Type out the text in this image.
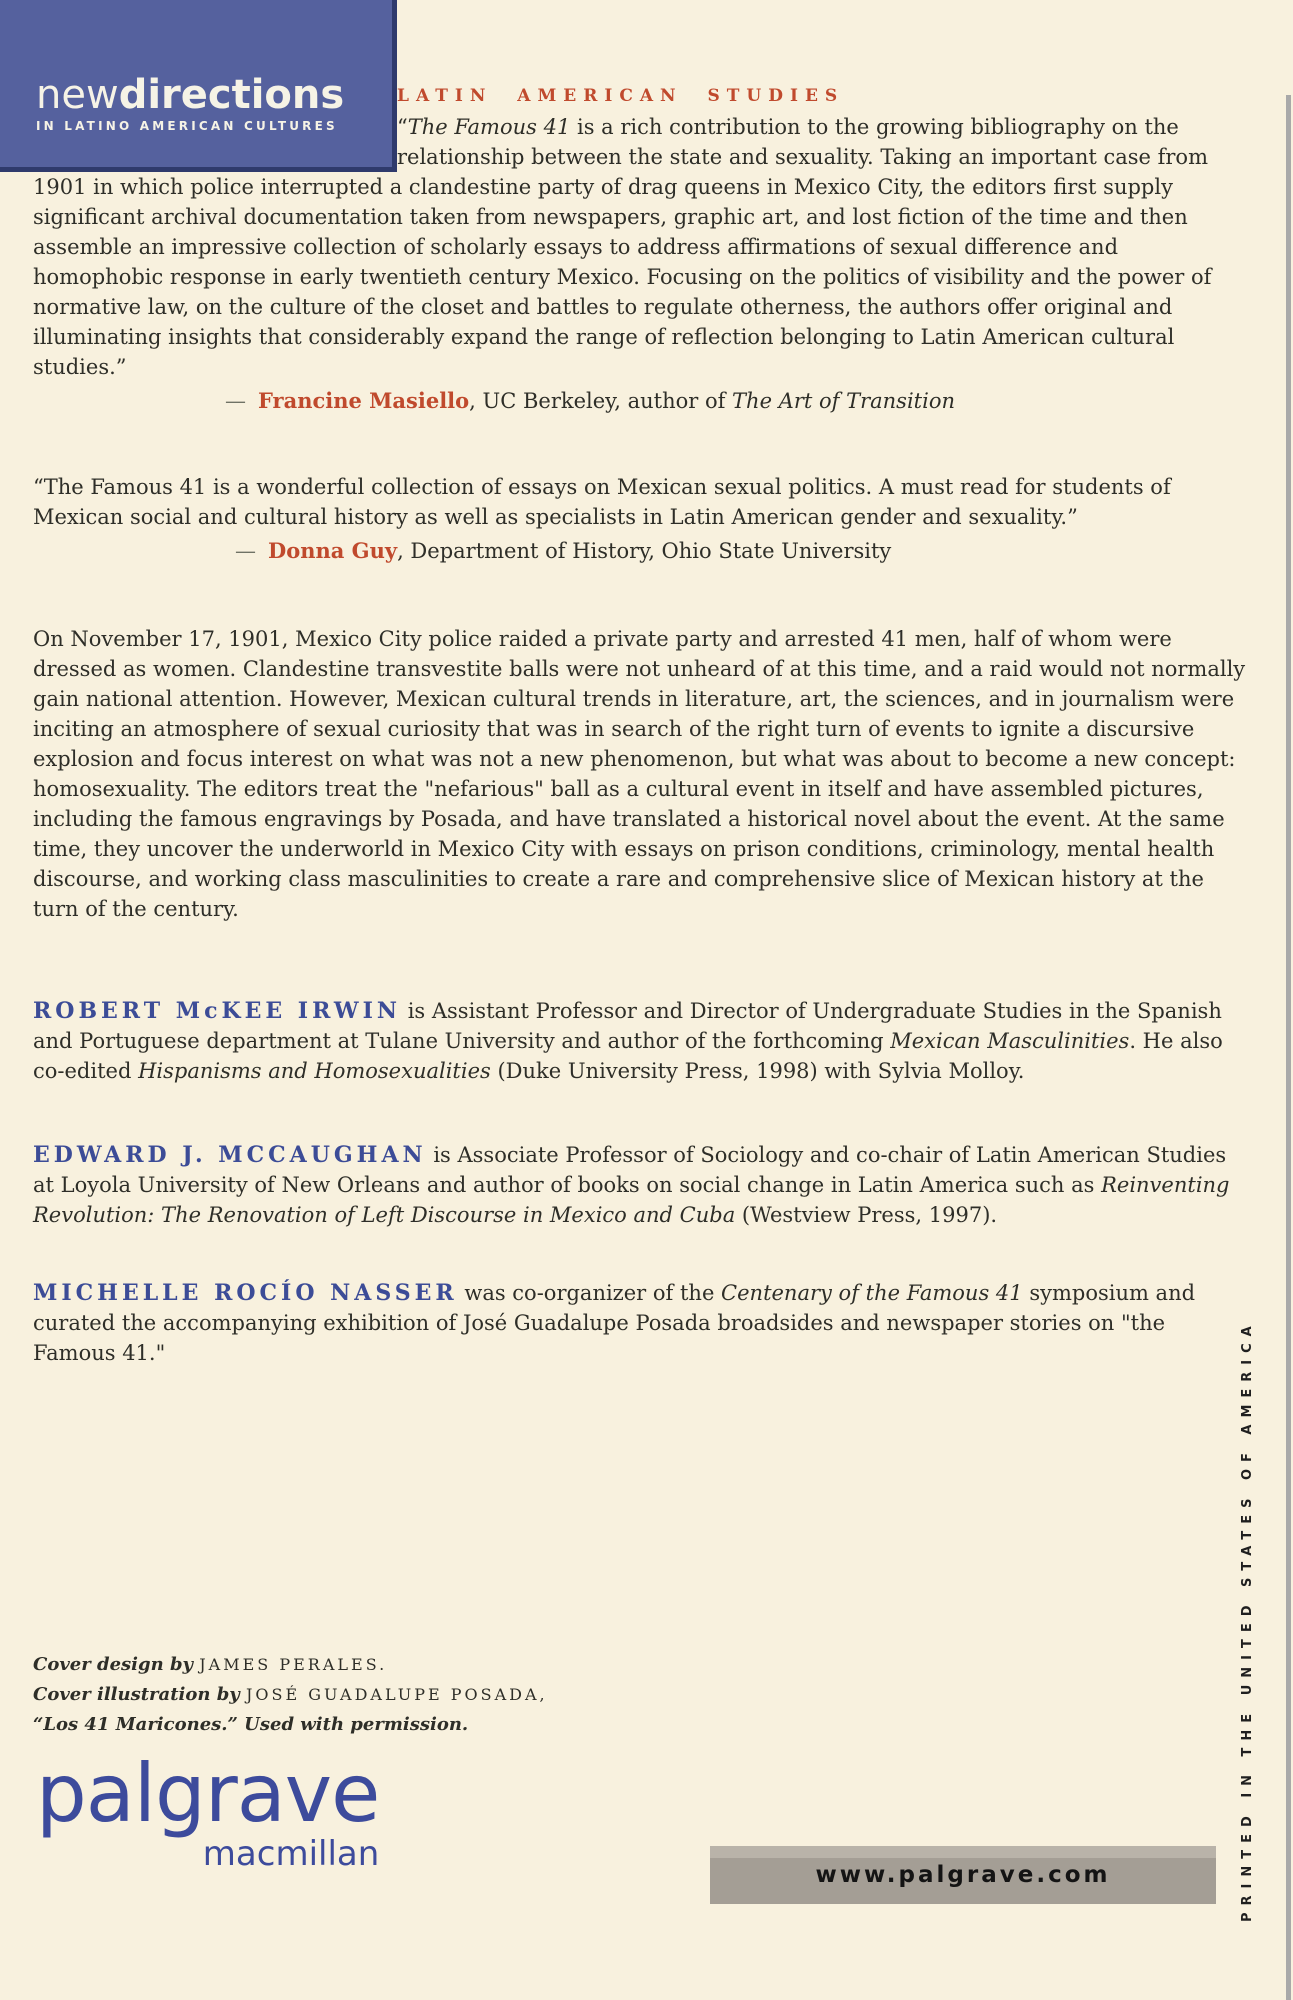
newdirections
IN LATINO AMERICAN CULTURES
LATIN AMERICAN STUDIES

“The Famous 41 is a rich contribution to the growing bibliography on the relationship between the state and sexuality. Taking an important case from 1901 in which police interrupted a clandestine party of drag queens in Mexico City, the editors first supply significant archival documentation taken from newspapers, graphic art, and lost fiction of the time and then assemble an impressive collection of scholarly essays to address affirmations of sexual difference and homophobic response in early twentieth century Mexico. Focusing on the politics of visibility and the power of normative law, on the culture of the closet and battles to regulate otherness, the authors offer original and illuminating insights that considerably expand the range of reflection belonging to Latin American cultural studies.”

— Francine Masiello, UC Berkeley, author of The Art of Transition

“The Famous 41 is a wonderful collection of essays on Mexican sexual politics. A must read for students of Mexican social and cultural history as well as specialists in Latin American gender and sexuality.”

— Donna Guy, Department of History, Ohio State University

On November 17, 1901, Mexico City police raided a private party and arrested 41 men, half of whom were dressed as women. Clandestine transvestite balls were not unheard of at this time, and a raid would not normally gain national attention. However, Mexican cultural trends in literature, art, the sciences, and in journalism were inciting an atmosphere of sexual curiosity that was in search of the right turn of events to ignite a discursive explosion and focus interest on what was not a new phenomenon, but what was about to become a new concept: homosexuality. The editors treat the "nefarious" ball as a cultural event in itself and have assembled pictures, including the famous engravings by Posada, and have translated a historical novel about the event. At the same time, they uncover the underworld in Mexico City with essays on prison conditions, criminology, mental health discourse, and working class masculinities to create a rare and comprehensive slice of Mexican history at the turn of the century.

ROBERT McKEE IRWIN is Assistant Professor and Director of Undergraduate Studies in the Spanish and Portuguese department at Tulane University and author of the forthcoming Mexican Masculinities. He also co-edited Hispanisms and Homosexualities (Duke University Press, 1998) with Sylvia Molloy.

EDWARD J. MCCAUGHAN is Associate Professor of Sociology and co-chair of Latin American Studies at Loyola University of New Orleans and author of books on social change in Latin America such as Reinventing Revolution: The Renovation of Left Discourse in Mexico and Cuba (Westview Press, 1997).

MICHELLE ROCÍO NASSER was co-organizer of the Centenary of the Famous 41 symposium and curated the accompanying exhibition of José Guadalupe Posada broadsides and newspaper stories on "the Famous 41."

Cover design by JAMES PERALES.
Cover illustration by JOSÉ GUADALUPE POSADA,
“Los 41 Maricones.” Used with permission.
palgrave
macmillan
www.palgrave.com	PRINTED IN THE UNITED STATES OF AMERICA
